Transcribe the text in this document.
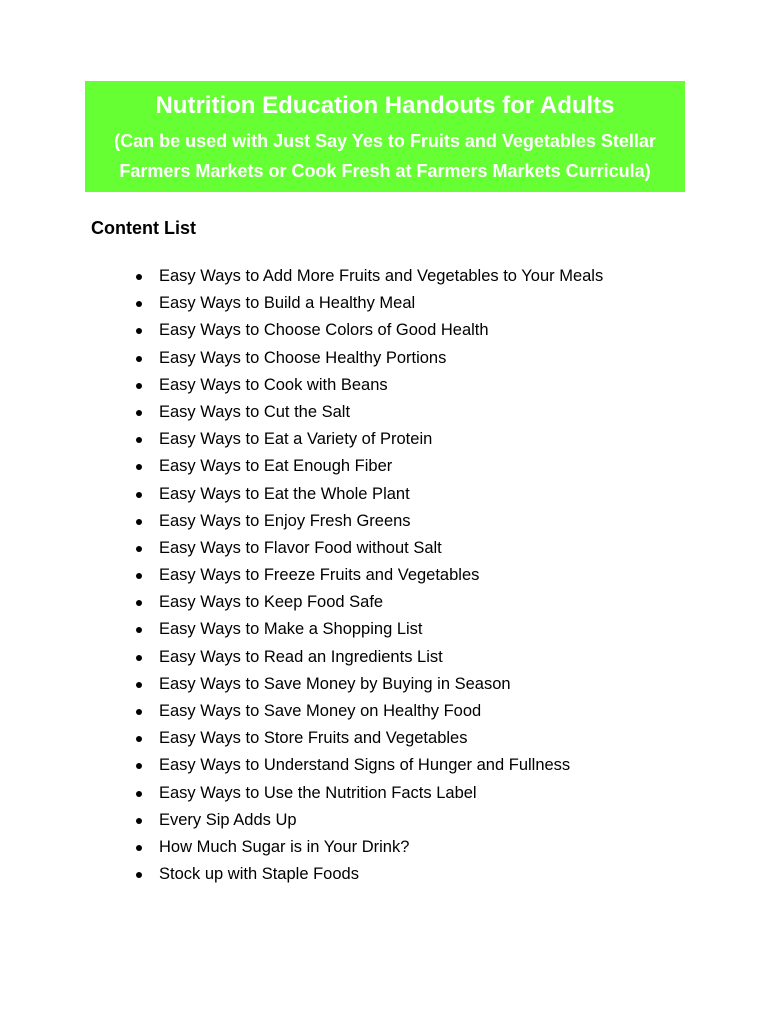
Nutrition Education Handouts for Adults
(Can be used with Just Say Yes to Fruits and Vegetables Stellar
Farmers Markets or Cook Fresh at Farmers Markets Curricula)
Content List
Easy Ways to Add More Fruits and Vegetables to Your Meals
Easy Ways to Build a Healthy Meal
Easy Ways to Choose Colors of Good Health
Easy Ways to Choose Healthy Portions
Easy Ways to Cook with Beans
Easy Ways to Cut the Salt
Easy Ways to Eat a Variety of Protein
Easy Ways to Eat Enough Fiber
Easy Ways to Eat the Whole Plant
Easy Ways to Enjoy Fresh Greens
Easy Ways to Flavor Food without Salt
Easy Ways to Freeze Fruits and Vegetables
Easy Ways to Keep Food Safe
Easy Ways to Make a Shopping List
Easy Ways to Read an Ingredients List
Easy Ways to Save Money by Buying in Season
Easy Ways to Save Money on Healthy Food
Easy Ways to Store Fruits and Vegetables
Easy Ways to Understand Signs of Hunger and Fullness
Easy Ways to Use the Nutrition Facts Label
Every Sip Adds Up
How Much Sugar is in Your Drink?
Stock up with Staple Foods
